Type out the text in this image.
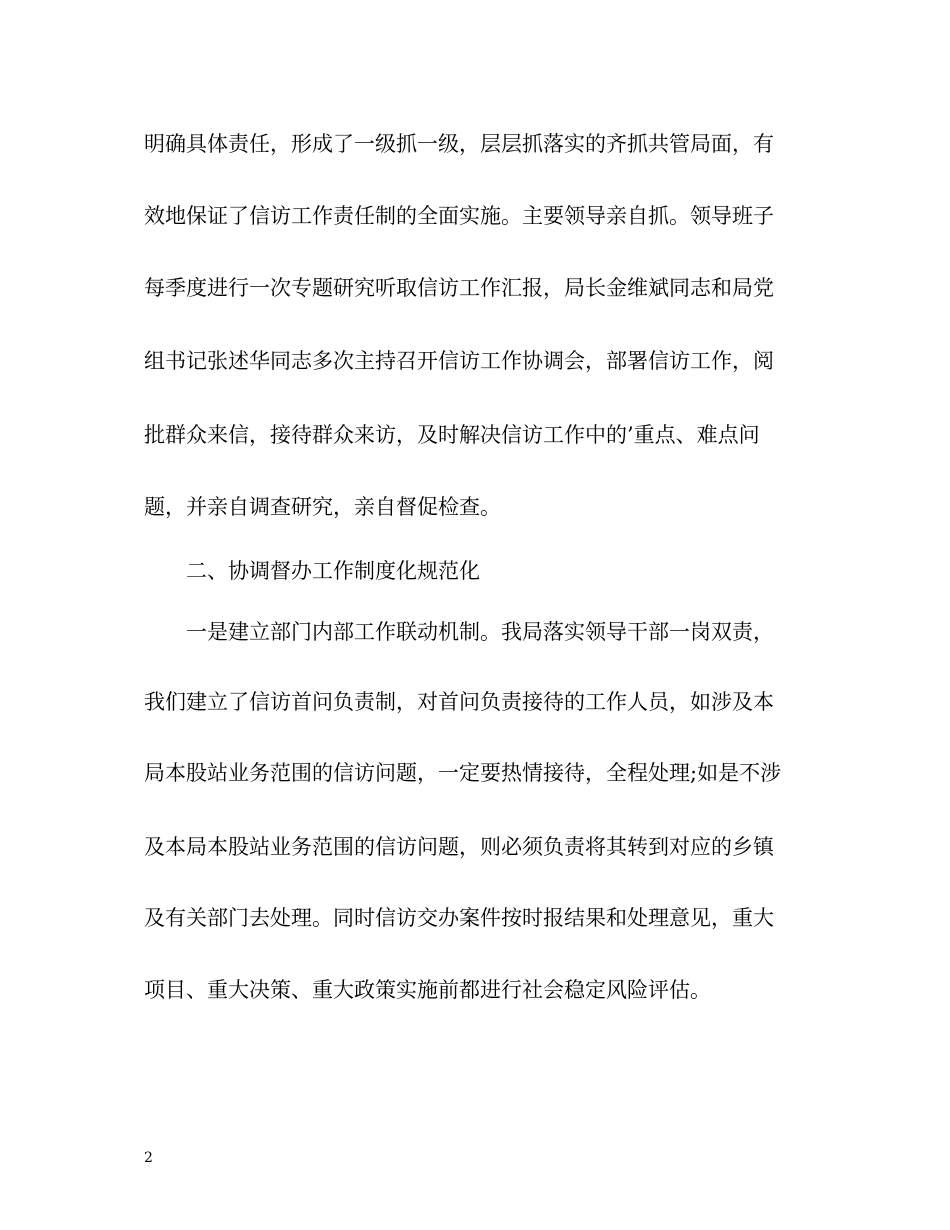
明确具体责任，形成了一级抓一级，层层抓落实的齐抓共管局面，有
效地保证了信访工作责任制的全面实施。主要领导亲自抓。领导班子
每季度进行一次专题研究听取信访工作汇报，局长金维斌同志和局党
组书记张述华同志多次主持召开信访工作协调会，部署信访工作，阅
批群众来信，接待群众来访，及时解决信访工作中的’重点、难点问
题，并亲自调查研究，亲自督促检查。
二、协调督办工作制度化规范化
一是建立部门内部工作联动机制。我局落实领导干部一岗双责，
我们建立了信访首问负责制，对首问负责接待的工作人员，如涉及本
局本股站业务范围的信访问题，一定要热情接待，全程处理;如是不涉
及本局本股站业务范围的信访问题，则必须负责将其转到对应的乡镇
及有关部门去处理。同时信访交办案件按时报结果和处理意见，重大
项目、重大决策、重大政策实施前都进行社会稳定风险评估。
2
